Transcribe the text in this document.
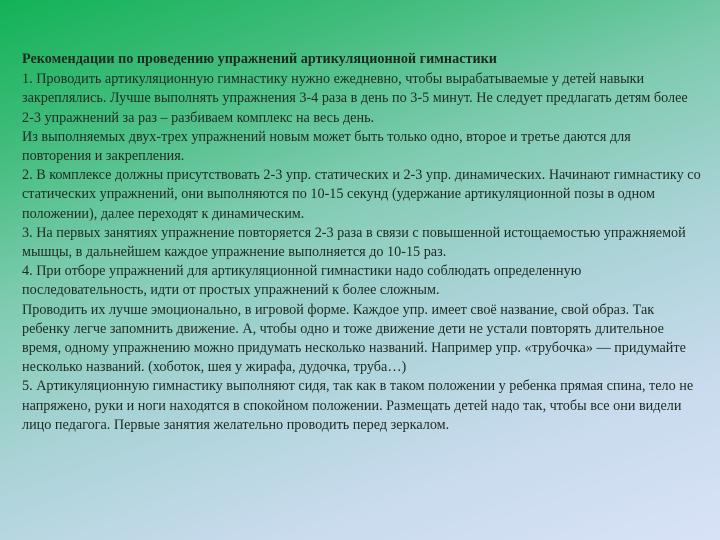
Рекомендации по проведению упражнений артикуляционной гимнастики

1. Проводить артикуляционную гимнастику нужно ежедневно, чтобы вырабатываемые у детей навыки закреплялись. Лучше выполнять упражнения 3-4 раза в день по 3-5 минут. Не следует предлагать детям более 2-3 упражнений за раз – разбиваем комплекс на весь день.

Из выполняемых двух-трех упражнений новым может быть только одно, второе и третье даются для повторения и закрепления.

2. В комплексе должны присутствовать 2-3 упр. статических и 2-3 упр. динамических. Начинают гимнастику со статических упражнений, они выполняются по 10-15 секунд (удержание артикуляционной позы в одном положении), далее переходят к динамическим.

3. На первых занятиях упражнение повторяется 2-3 раза в связи с повышенной истощаемостью упражняемой мышцы, в дальнейшем каждое упражнение выполняется до 10-15 раз.

4. При отборе упражнений для артикуляционной гимнастики надо соблюдать определенную последовательность, идти от простых упражнений к более сложным.

Проводить их лучше эмоционально, в игровой форме. Каждое упр. имеет своё название, свой образ. Так ребенку легче запомнить движение. А, чтобы одно и тоже движение дети не устали повторять длительное время, одному упражнению можно придумать несколько названий. Например упр. «трубочка» — придумайте несколько названий. (хоботок, шея у жирафа, дудочка, труба…)

5. Артикуляционную гимнастику выполняют сидя, так как в таком положении у ребенка прямая спина, тело не напряжено, руки и ноги находятся в спокойном положении. Размещать детей надо так, чтобы все они видели лицо педагога. Первые занятия желательно проводить перед зеркалом.
